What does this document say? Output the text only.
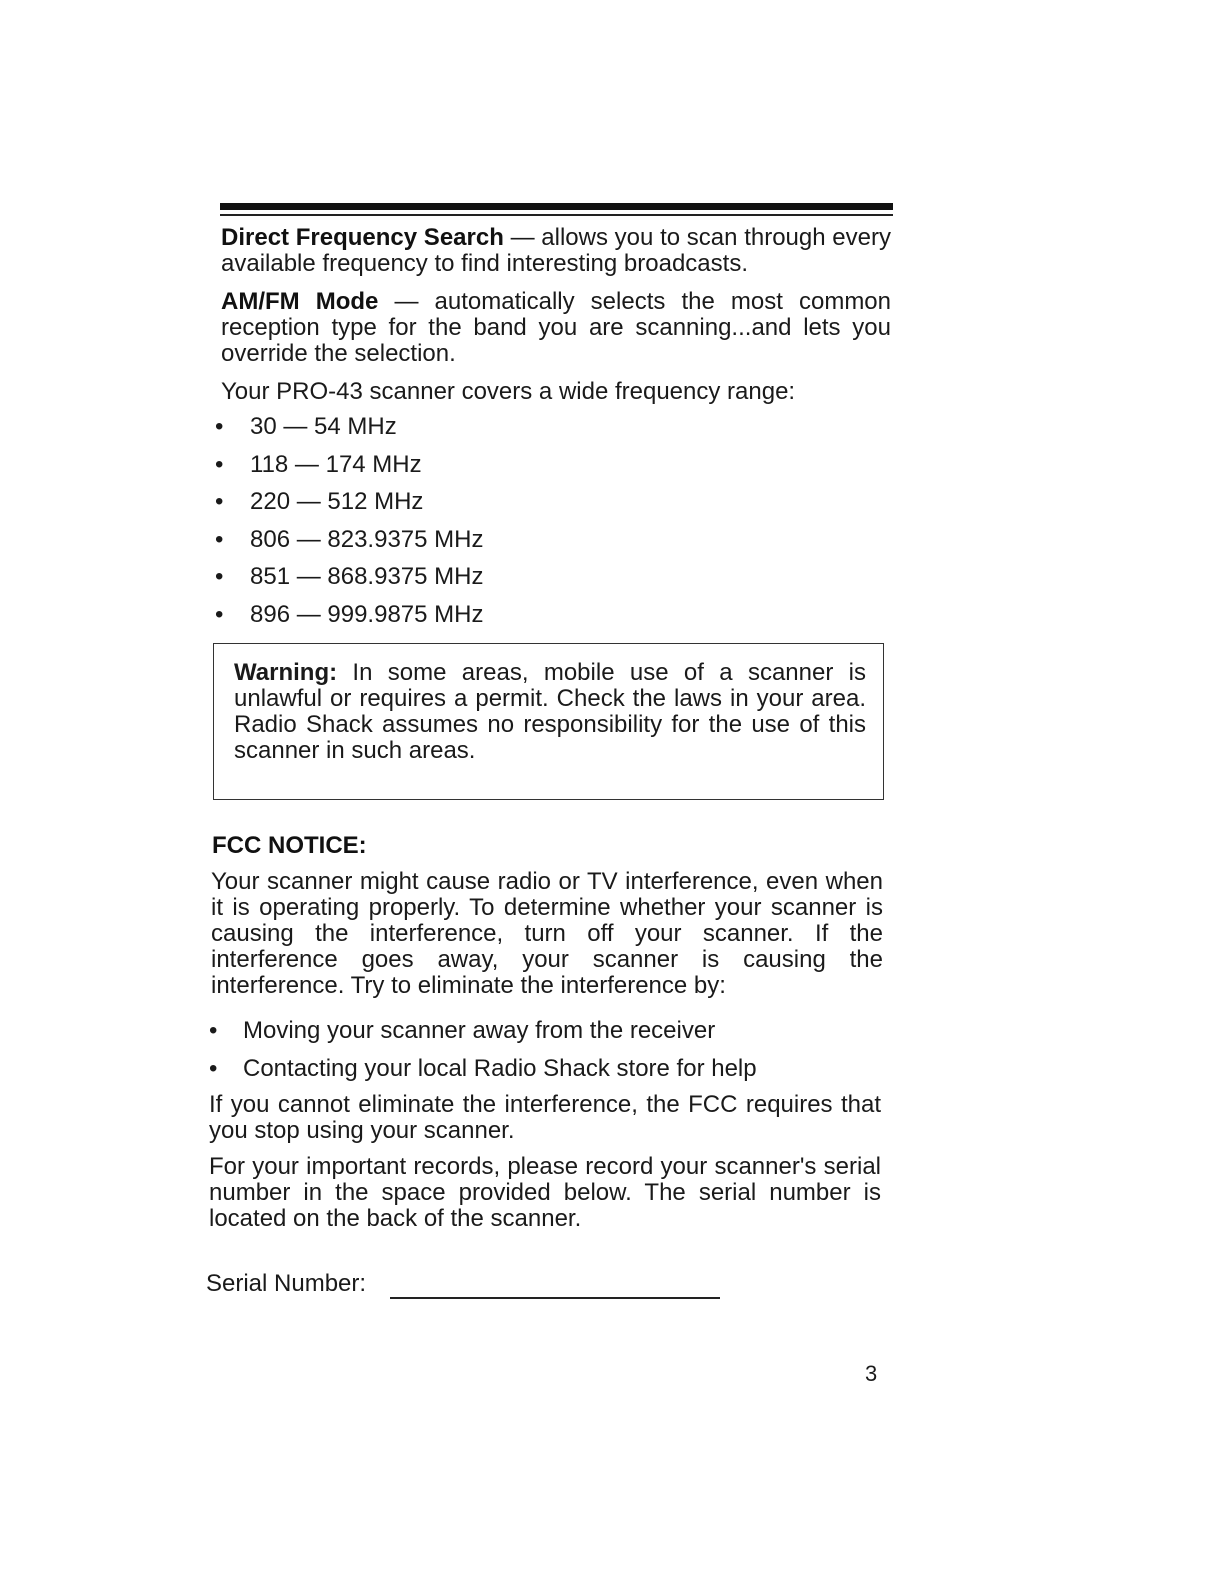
Direct Frequency Search — allows you to scan through every available frequency to find interesting broadcasts.

AM/FM Mode — automatically selects the most common reception type for the band you are scanning...and lets you override the selection.

Your PRO-43 scanner covers a wide frequency range:

• 30 — 54 MHz
• 118 — 174 MHz
• 220 — 512 MHz
• 806 — 823.9375 MHz
• 851 — 868.9375 MHz
• 896 — 999.9875 MHz

Warning: In some areas, mobile use of a scanner is unlawful or requires a permit. Check the laws in your area. Radio Shack assumes no responsibility for the use of this scanner in such areas.

FCC NOTICE:

Your scanner might cause radio or TV interference, even when it is operating properly. To determine whether your scanner is causing the interference, turn off your scanner. If the interference goes away, your scanner is causing the interference. Try to eliminate the interference by:

• Moving your scanner away from the receiver
• Contacting your local Radio Shack store for help

If you cannot eliminate the interference, the FCC requires that you stop using your scanner.

For your important records, please record your scanner's serial number in the space provided below. The serial number is located on the back of the scanner.

Serial Number:
3
